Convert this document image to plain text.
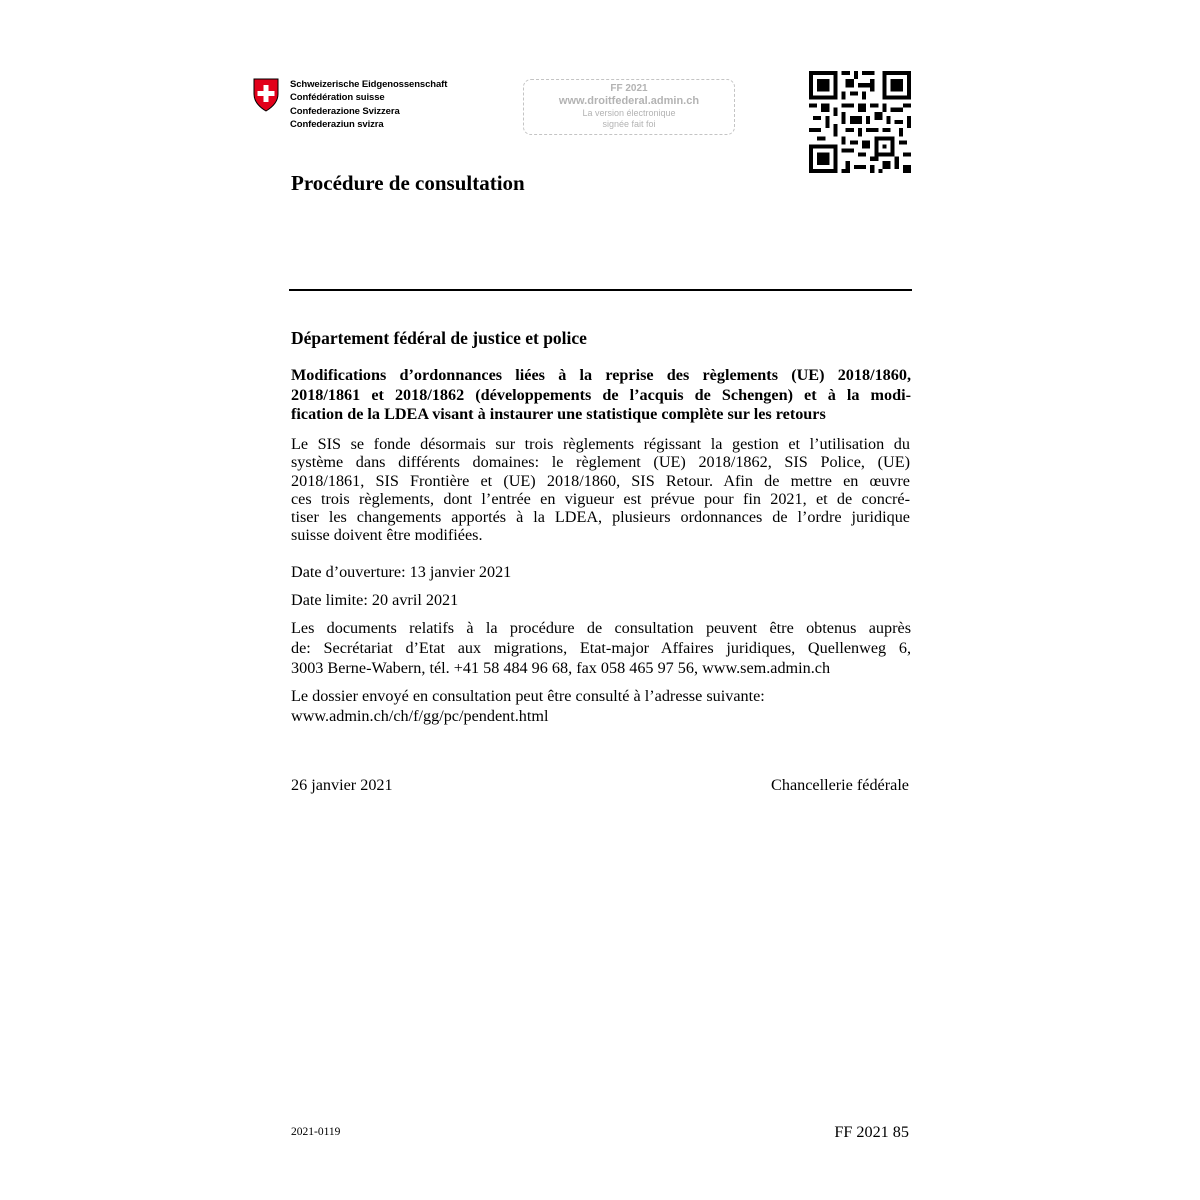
Schweizerische Eidgenossenschaft
Confédération suisse
Confederazione Svizzera
Confederaziun svizra
FF 2021
www.droitfederal.admin.ch
La version électronique
signée fait foi
Procédure de consultation
Département fédéral de justice et police
Modifications d’ordonnances liées à la reprise des règlements (UE) 2018/1860,
2018/1861 et 2018/1862 (développements de l’acquis de Schengen) et à la modi-
fication de la LDEA visant à instaurer une statistique complète sur les retours
Le SIS se fonde désormais sur trois règlements régissant la gestion et l’utilisation du
système dans différents domaines: le règlement (UE) 2018/1862, SIS Police, (UE)
2018/1861, SIS Frontière et (UE) 2018/1860, SIS Retour. Afin de mettre en œuvre
ces trois règlements, dont l’entrée en vigueur est prévue pour fin 2021, et de concré-
tiser les changements apportés à la LDEA, plusieurs ordonnances de l’ordre juridique
suisse doivent être modifiées.
Date d’ouverture: 13 janvier 2021
Date limite: 20 avril 2021
Les documents relatifs à la procédure de consultation peuvent être obtenus auprès
de: Secrétariat d’Etat aux migrations, Etat-major Affaires juridiques, Quellenweg 6,
3003 Berne-Wabern, tél. +41 58 484 96 68, fax 058 465 97 56, www.sem.admin.ch
Le dossier envoyé en consultation peut être consulté à l’adresse suivante:
www.admin.ch/ch/f/gg/pc/pendent.html
26 janvier 2021	Chancellerie fédérale
2021-0119	FF 2021 85
